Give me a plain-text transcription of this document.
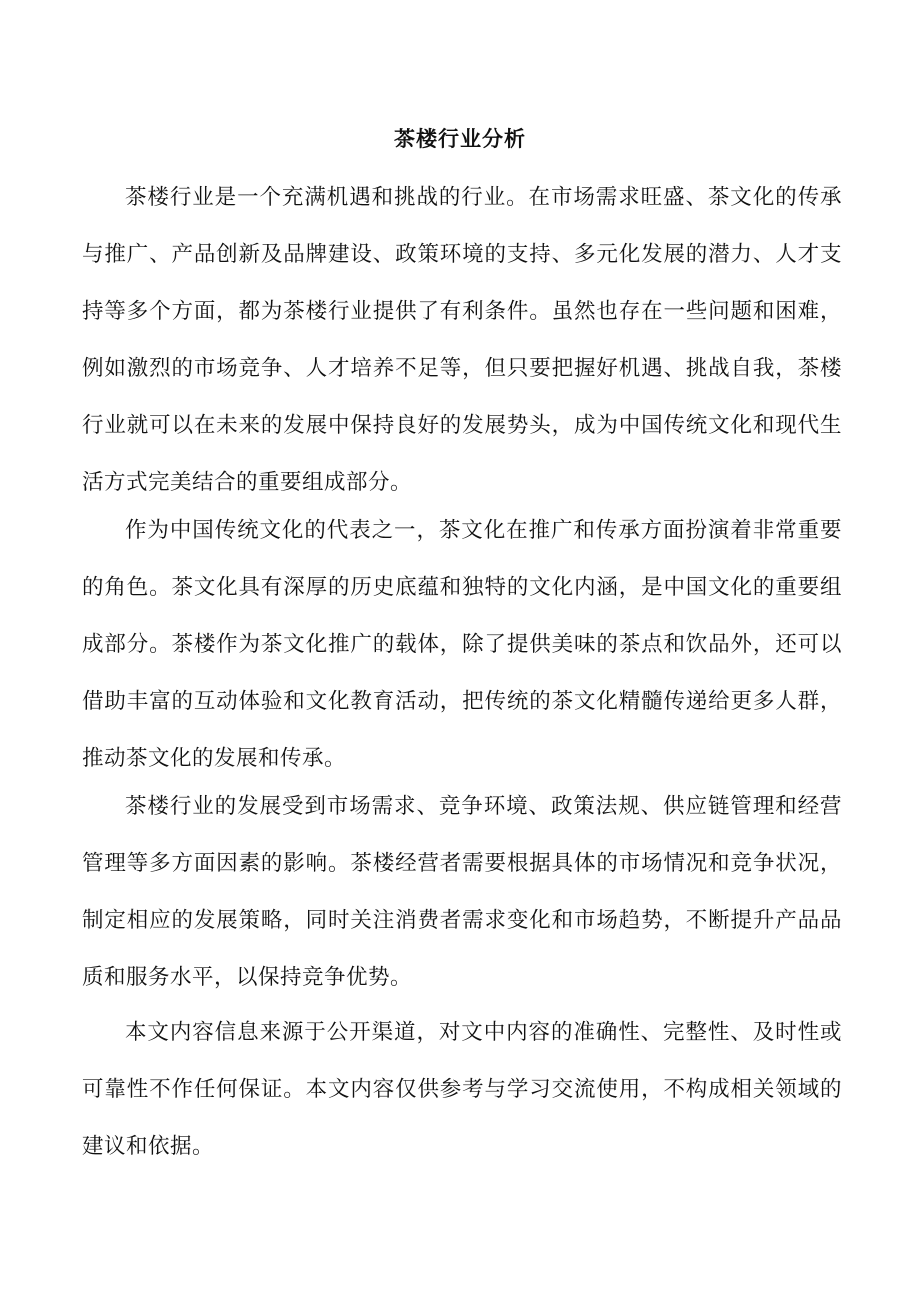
茶楼行业分析

茶楼行业是一个充满机遇和挑战的行业。在市场需求旺盛、茶文化的传承与推广、产品创新及品牌建设、政策环境的支持、多元化发展的潜力、人才支持等多个方面，都为茶楼行业提供了有利条件。虽然也存在一些问题和困难，例如激烈的市场竞争、人才培养不足等，但只要把握好机遇、挑战自我，茶楼行业就可以在未来的发展中保持良好的发展势头，成为中国传统文化和现代生活方式完美结合的重要组成部分。

作为中国传统文化的代表之一，茶文化在推广和传承方面扮演着非常重要的角色。茶文化具有深厚的历史底蕴和独特的文化内涵，是中国文化的重要组成部分。茶楼作为茶文化推广的载体，除了提供美味的茶点和饮品外，还可以借助丰富的互动体验和文化教育活动，把传统的茶文化精髓传递给更多人群，推动茶文化的发展和传承。

茶楼行业的发展受到市场需求、竞争环境、政策法规、供应链管理和经营管理等多方面因素的影响。茶楼经营者需要根据具体的市场情况和竞争状况，制定相应的发展策略，同时关注消费者需求变化和市场趋势，不断提升产品品质和服务水平，以保持竞争优势。

本文内容信息来源于公开渠道，对文中内容的准确性、完整性、及时性或可靠性不作任何保证。本文内容仅供参考与学习交流使用，不构成相关领域的建议和依据。
